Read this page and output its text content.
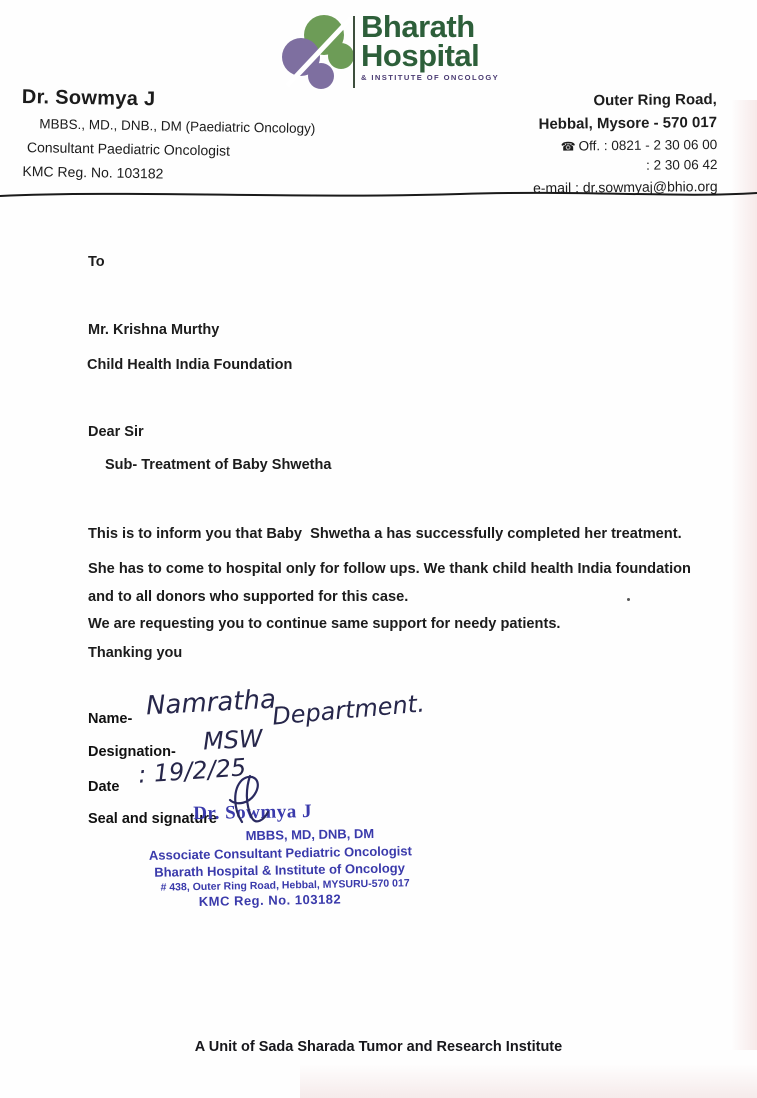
Bharath
Hospital
& INSTITUTE OF ONCOLOGY
Dr. Sowmya J
MBBS., MD., DNB., DM (Paediatric Oncology)
Consultant Paediatric Oncologist
KMC Reg. No. 103182
Outer Ring Road,
Hebbal, Mysore - 570 017
☎ Off. : 0821 - 2 30 06 00
: 2 30 06 42
e-mail : dr.sowmyaj@bhio.org
To
Mr. Krishna Murthy
Child Health India Foundation
Dear Sir
Sub- Treatment of Baby Shwetha
This is to inform you that Baby  Shwetha a has successfully completed her treatment.
She has to come to hospital only for follow ups. We thank child health India foundation and to all donors who supported for this case.
We are requesting you to continue same support for needy patients.
Thanking you
Name- Namratha
Department.
Designation- MSW
Date : 19/2/25
Seal and signature
Dr. Sowmya J
MBBS, MD, DNB, DM
Associate Consultant Pediatric Oncologist
Bharath Hospital & Institute of Oncology
# 438, Outer Ring Road, Hebbal, MYSURU-570 017
KMC Reg. No. 103182
A Unit of Sada Sharada Tumor and Research Institute
